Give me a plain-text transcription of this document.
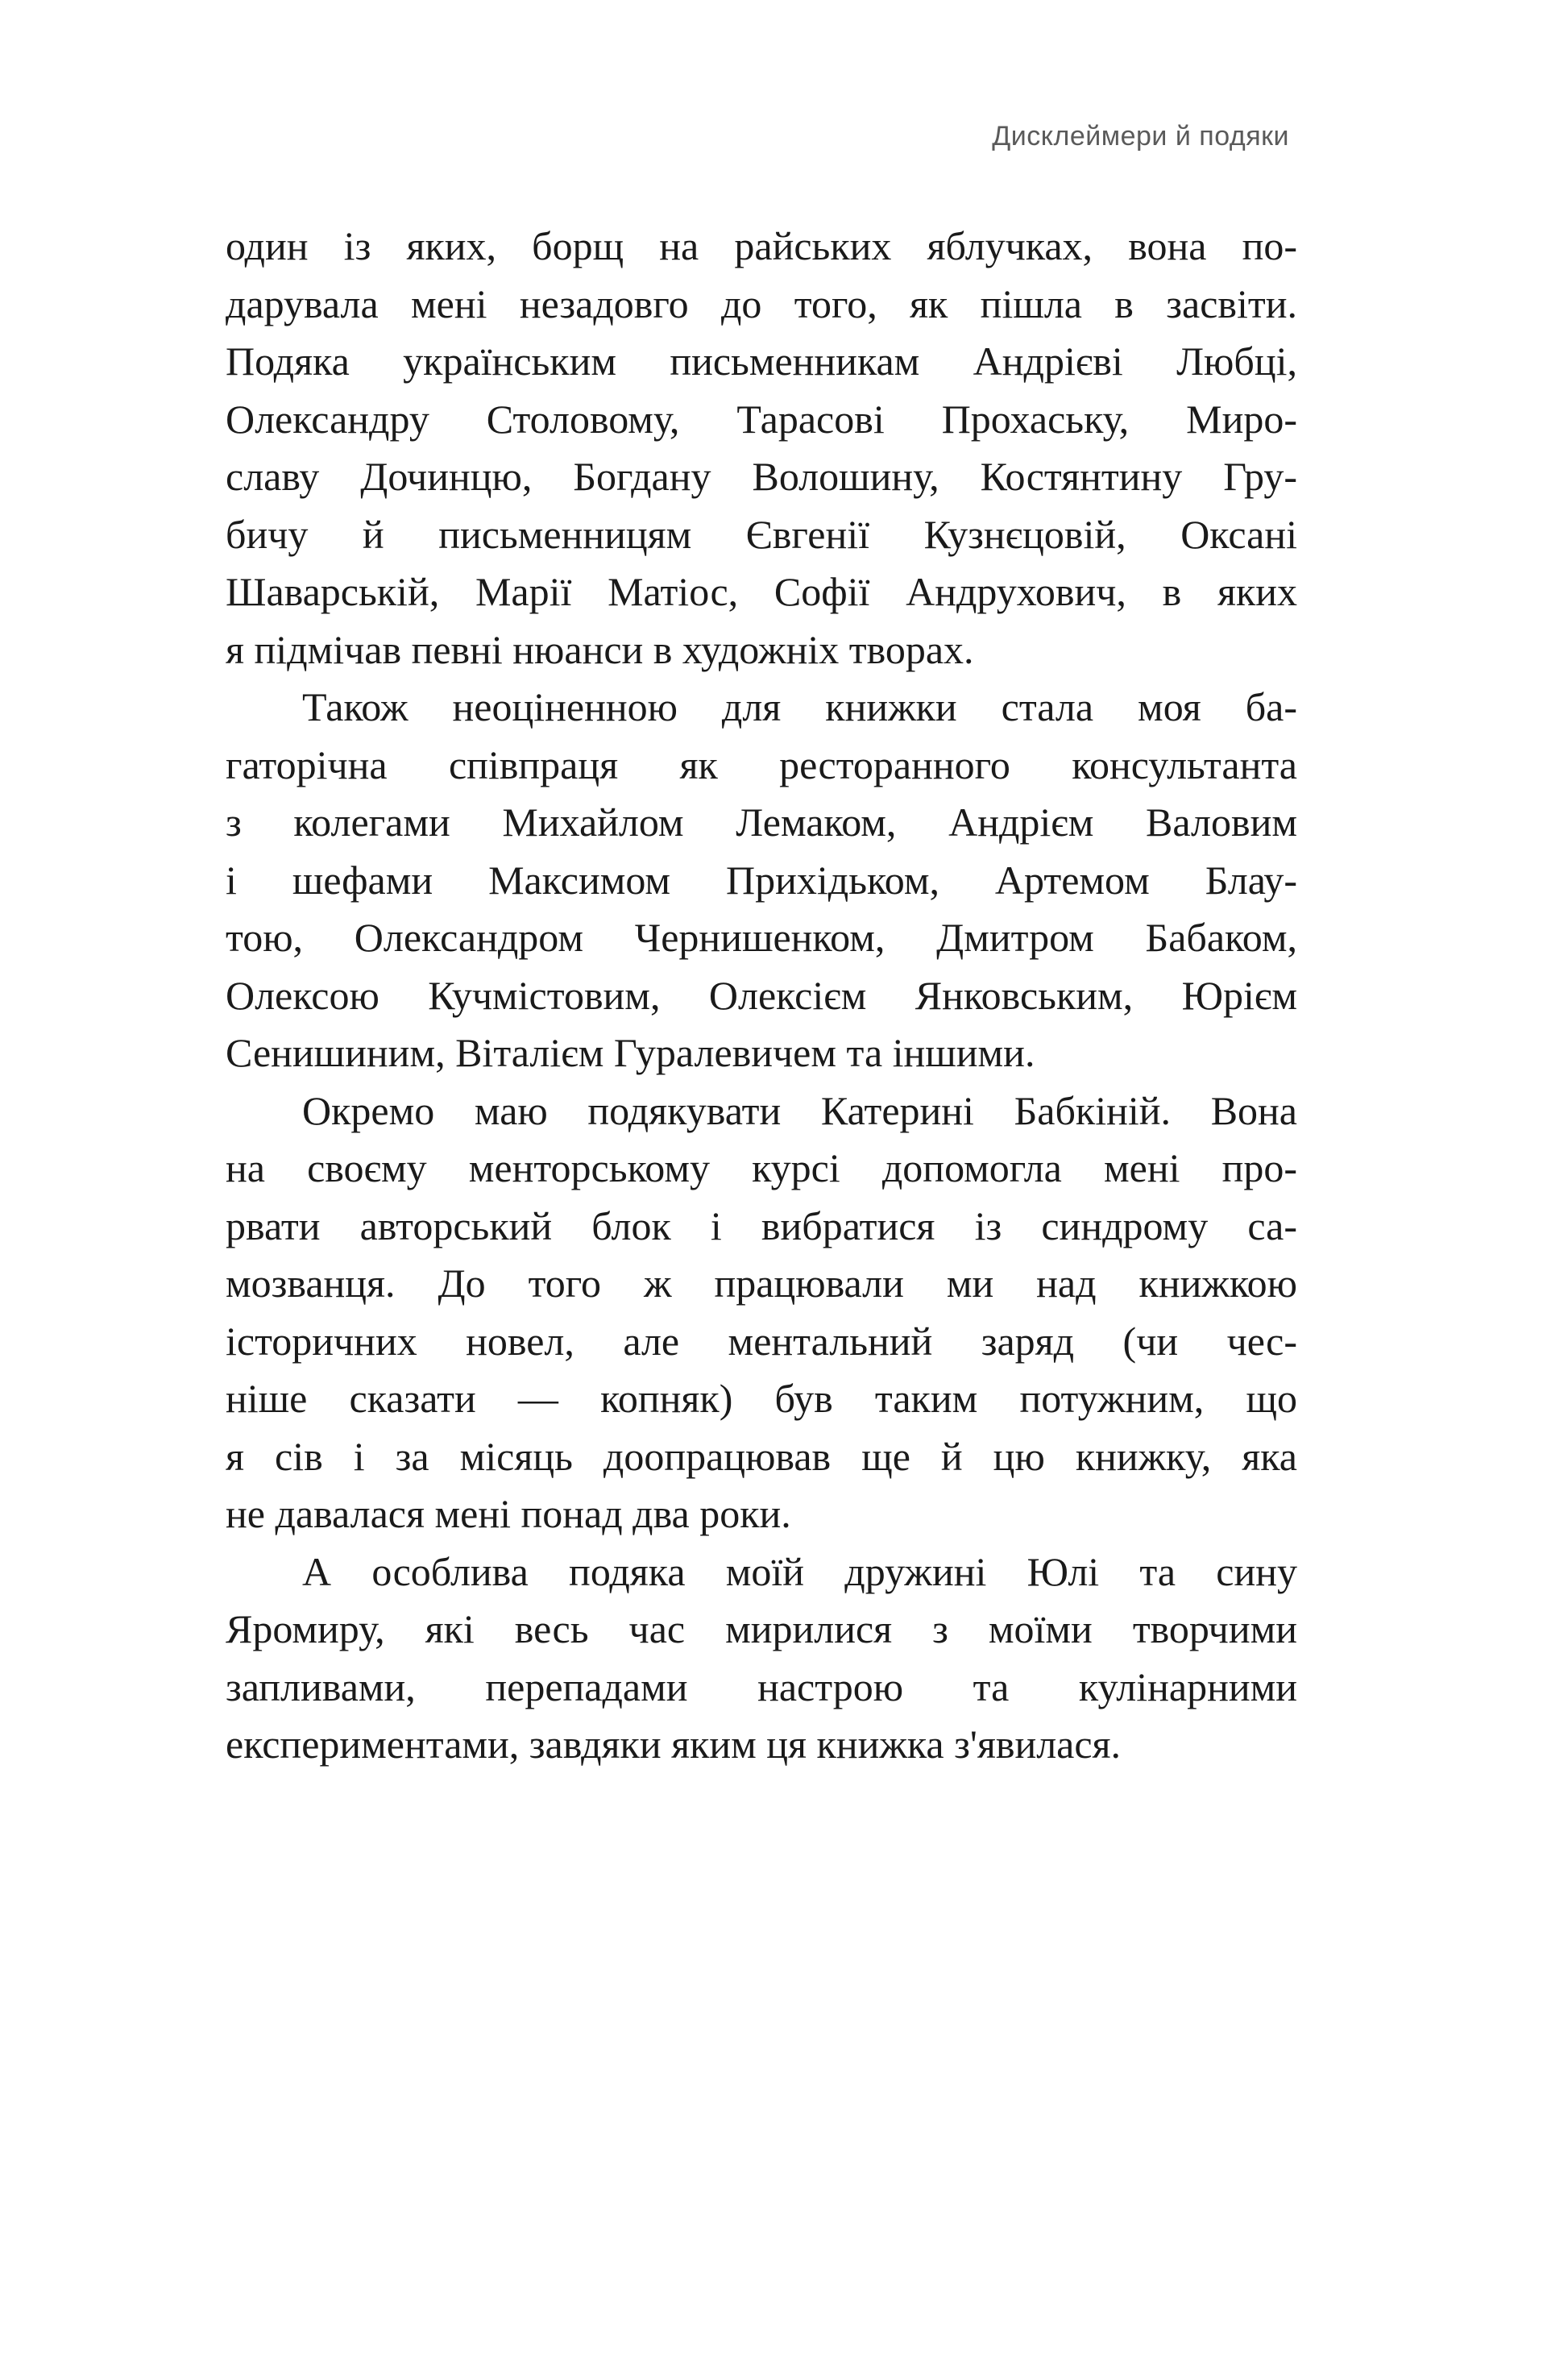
Дисклеймери й подяки
один із яких, борщ на райських яблучках, вона по-
дарувала мені незадовго до того, як пішла в засвіти.
Подяка українським письменникам Андрієві Любці,
Олександру Столовому, Тарасові Прохаську, Миро-
славу Дочинцю, Богдану Волошину, Костянтину Гру-
бичу й письменницям Євгенії Кузнєцовій, Оксані
Шаварській, Марії Матіос, Софії Андрухович, в яких
я підмічав певні нюанси в художніх творах.
Також неоціненною для книжки стала моя ба-
гаторічна співпраця як ресторанного консультанта
з колегами Михайлом Лемаком, Андрієм Валовим
і шефами Максимом Прихідьком, Артемом Блау-
тою, Олександром Чернишенком, Дмитром Бабаком,
Олексою Кучмістовим, Олексієм Янковським, Юрієм
Сенишиним, Віталієм Гуралевичем та іншими.
Окремо маю подякувати Катерині Бабкіній. Вона
на своєму менторському курсі допомогла мені про-
рвати авторський блок і вибратися із синдрому са-
мозванця. До того ж працювали ми над книжкою
історичних новел, але ментальний заряд (чи чес-
ніше сказати — копняк) був таким потужним, що
я сів і за місяць доопрацював ще й цю книжку, яка
не давалася мені понад два роки.
А особлива подяка моїй дружині Юлі та сину
Яромиру, які весь час мирилися з моїми творчими
запливами, перепадами настрою та кулінарними
експериментами, завдяки яким ця книжка з'явилася.
